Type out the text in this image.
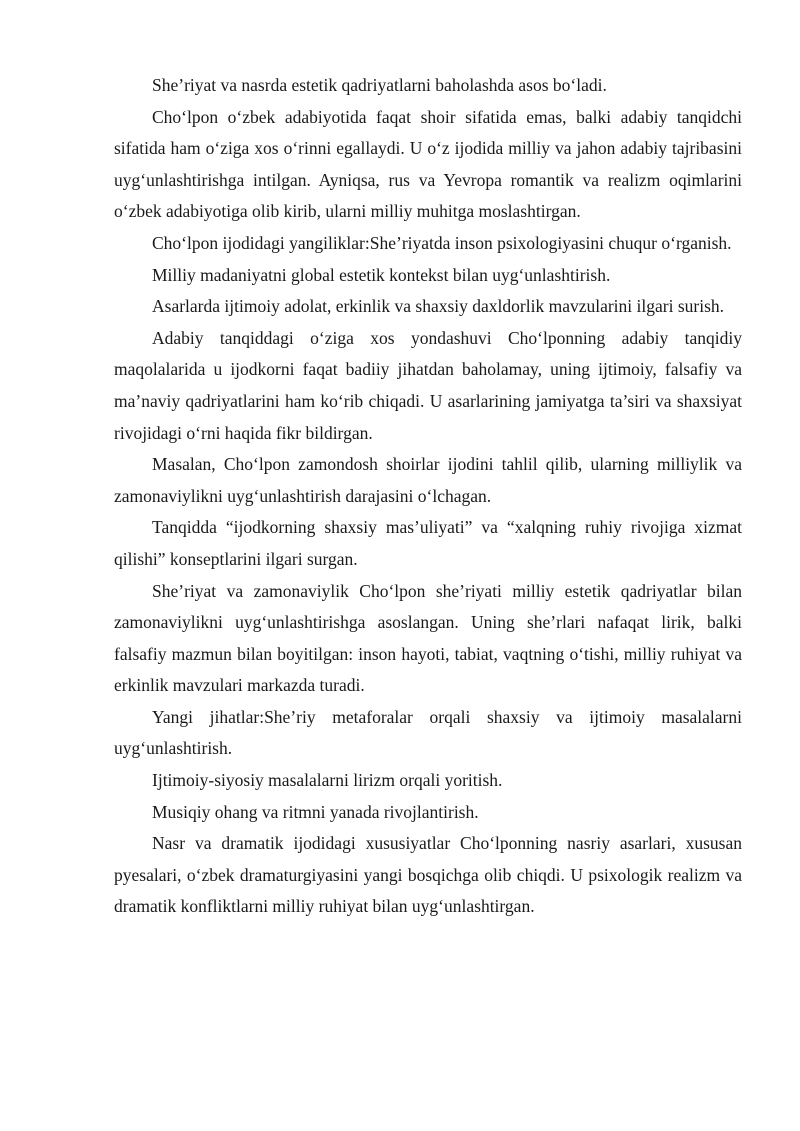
She’riyat va nasrda estetik qadriyatlarni baholashda asos bo‘ladi.

Cho‘lpon o‘zbek adabiyotida faqat shoir sifatida emas, balki adabiy tanqidchi sifatida ham o‘ziga xos o‘rinni egallaydi. U o‘z ijodida milliy va jahon adabiy tajribasini uyg‘unlashtirishga intilgan. Ayniqsa, rus va Yevropa romantik va realizm oqimlarini o‘zbek adabiyotiga olib kirib, ularni milliy muhitga moslashtirgan.

Cho‘lpon ijodidagi yangiliklar:She’riyatda inson psixologiyasini chuqur o‘rganish.

Milliy madaniyatni global estetik kontekst bilan uyg‘unlashtirish.

Asarlarda ijtimoiy adolat, erkinlik va shaxsiy daxldorlik mavzularini ilgari surish.

Adabiy tanqiddagi o‘ziga xos yondashuvi Cho‘lponning adabiy tanqidiy maqolalarida u ijodkorni faqat badiiy jihatdan baholamay, uning ijtimoiy, falsafiy va ma’naviy qadriyatlarini ham ko‘rib chiqadi. U asarlarining jamiyatga ta’siri va shaxsiyat rivojidagi o‘rni haqida fikr bildirgan.

Masalan, Cho‘lpon zamondosh shoirlar ijodini tahlil qilib, ularning milliylik va zamonaviylikni uyg‘unlashtirish darajasini o‘lchagan.

Tanqidda “ijodkorning shaxsiy mas’uliyati” va “xalqning ruhiy rivojiga xizmat qilishi” konseptlarini ilgari surgan.

She’riyat va zamonaviylik Cho‘lpon she’riyati milliy estetik qadriyatlar bilan zamonaviylikni uyg‘unlashtirishga asoslangan. Uning she’rlari nafaqat lirik, balki falsafiy mazmun bilan boyitilgan: inson hayoti, tabiat, vaqtning o‘tishi, milliy ruhiyat va erkinlik mavzulari markazda turadi.

Yangi jihatlar:She’riy metaforalar orqali shaxsiy va ijtimoiy masalalarni uyg‘unlashtirish.

Ijtimoiy-siyosiy masalalarni lirizm orqali yoritish.

Musiqiy ohang va ritmni yanada rivojlantirish.

Nasr va dramatik ijodidagi xususiyatlar Cho‘lponning nasriy asarlari, xususan pyesalari, o‘zbek dramaturgiyasini yangi bosqichga olib chiqdi. U psixologik realizm va dramatik konfliktlarni milliy ruhiyat bilan uyg‘unlashtirgan.
